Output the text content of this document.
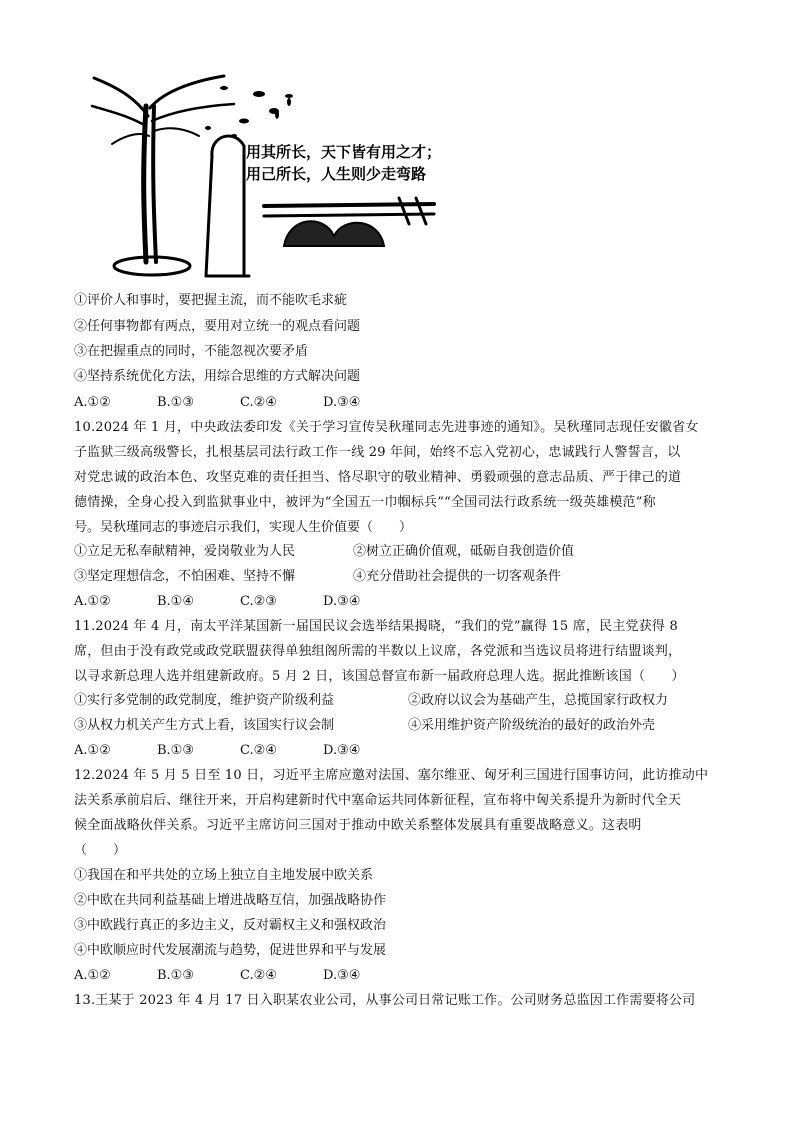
用其所长，天下皆有用之才；
用己所长，人生则少走弯路
①评价人和事时，要把握主流，而不能吹毛求疵
②任何事物都有两点，要用对立统一的观点看问题
③在把握重点的同时，不能忽视次要矛盾
④坚持系统优化方法，用综合思维的方式解决问题
A.①②	B.①③	C.②④	D.③④
10.2024 年 1 月，中央政法委印发《关于学习宣传吴秋瑾同志先进事迹的通知》。吴秋瑾同志现任安徽省女
子监狱三级高级警长，扎根基层司法行政工作一线 29 年间，始终不忘入党初心，忠诚践行人警誓言，以
对党忠诚的政治本色、攻坚克难的责任担当、恪尽职守的敬业精神、勇毅顽强的意志品质、严于律己的道
德情操，全身心投入到监狱事业中，被评为“全国五一巾帼标兵”“全国司法行政系统一级英雄模范”称
号。吴秋瑾同志的事迹启示我们，实现人生价值要（　　）
①立足无私奉献精神，爱岗敬业为人民	②树立正确价值观，砥砺自我创造价值
③坚定理想信念，不怕困难、坚持不懈	④充分借助社会提供的一切客观条件
A.①②	B.①④	C.②③	D.③④
11.2024 年 4 月，南太平洋某国新一届国民议会选举结果揭晓，“我们的党”赢得 15 席，民主党获得 8
席，但由于没有政党或政党联盟获得单独组阁所需的半数以上议席，各党派和当选议员将进行结盟谈判，
以寻求新总理人选并组建新政府。5 月 2 日，该国总督宣布新一届政府总理人选。据此推断该国（　　）
①实行多党制的政党制度，维护资产阶级利益	②政府以议会为基础产生，总揽国家行政权力
③从权力机关产生方式上看，该国实行议会制	④采用维护资产阶级统治的最好的政治外壳
A.①②	B.①③	C.②④	D.③④
12.2024 年 5 月 5 日至 10 日，习近平主席应邀对法国、塞尔维亚、匈牙利三国进行国事访问，此访推动中
法关系承前启后、继往开来，开启构建新时代中塞命运共同体新征程，宣布将中匈关系提升为新时代全天
候全面战略伙伴关系。习近平主席访问三国对于推动中欧关系整体发展具有重要战略意义。这表明
（　　）
①我国在和平共处的立场上独立自主地发展中欧关系
②中欧在共同利益基础上增进战略互信，加强战略协作
③中欧践行真正的多边主义，反对霸权主义和强权政治
④中欧顺应时代发展潮流与趋势，促进世界和平与发展
A.①②	B.①③	C.②④	D.③④
13.王某于 2023 年 4 月 17 日入职某农业公司，从事公司日常记账工作。公司财务总监因工作需要将公司
